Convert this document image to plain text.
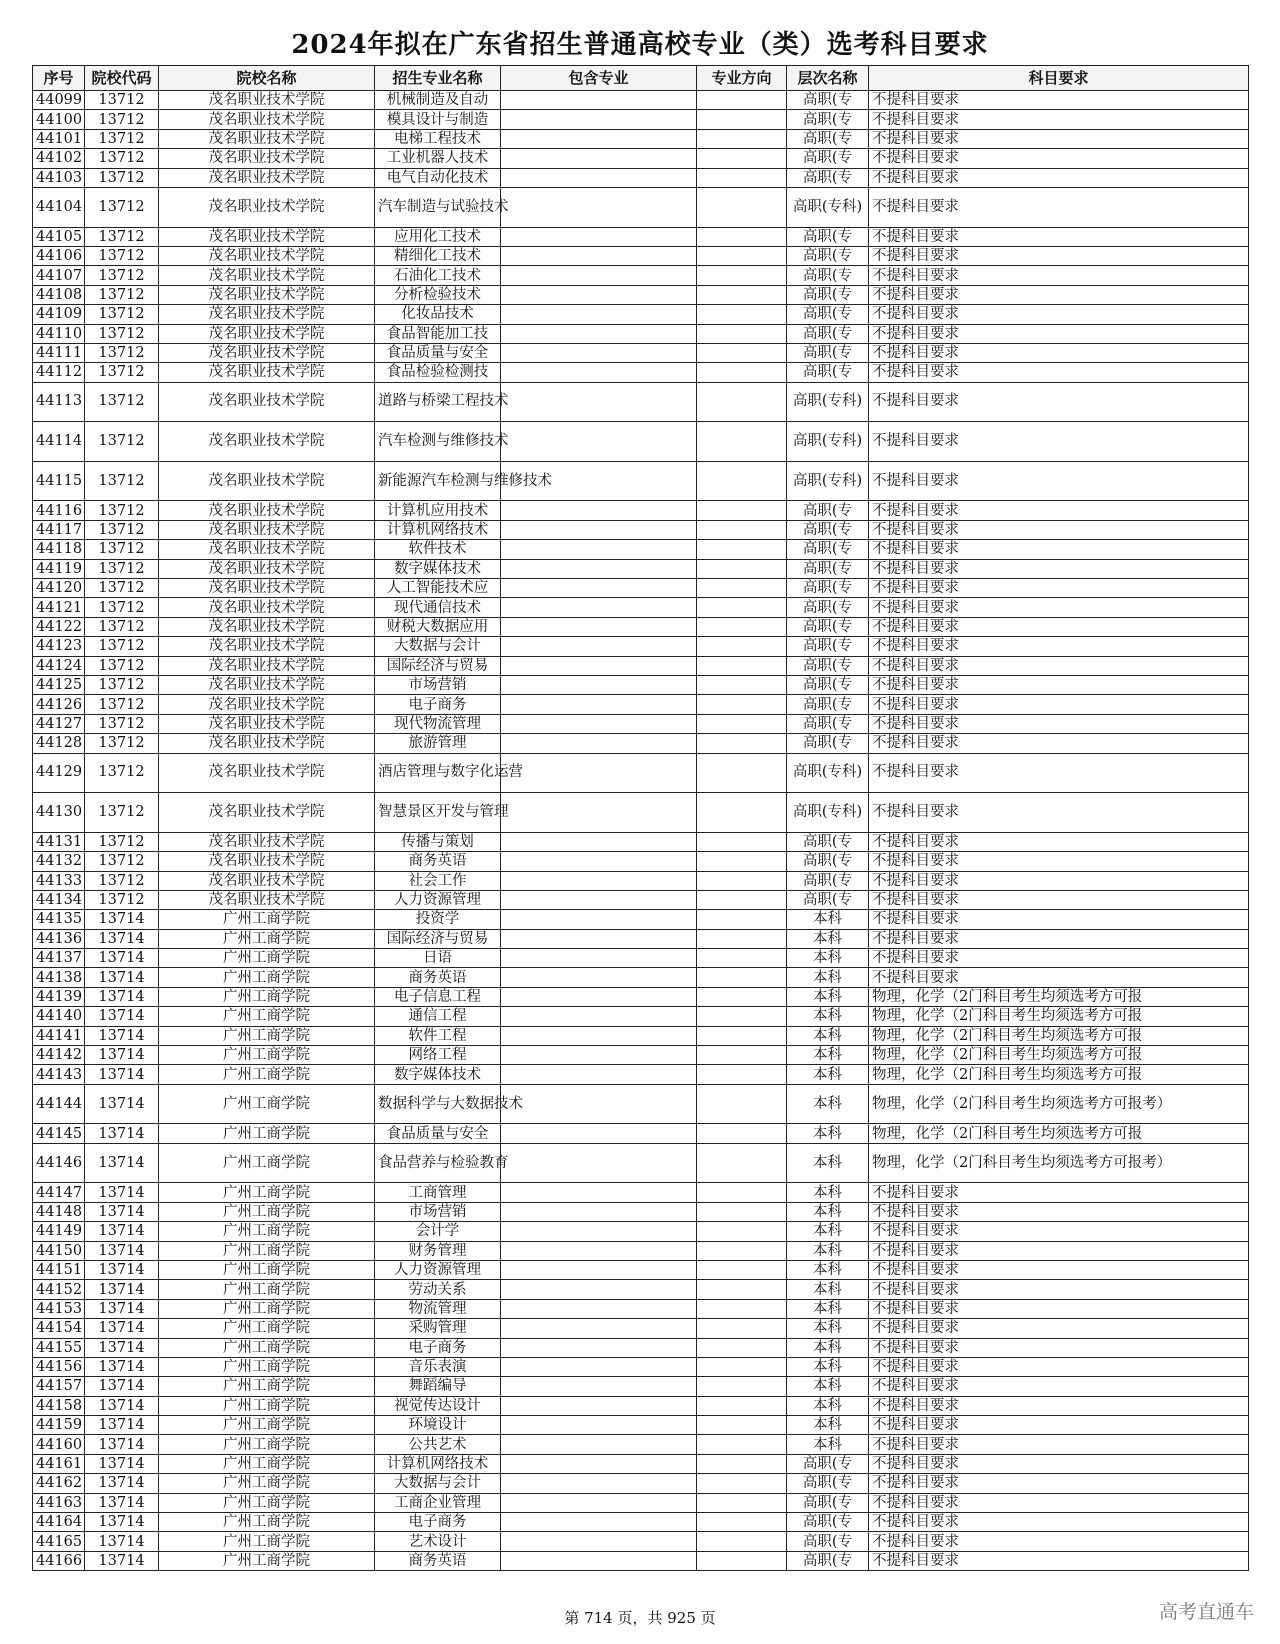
2024年拟在广东省招生普通高校专业（类）选考科目要求
序号	院校代码	院校名称	招生专业名称	包含专业	专业方向	层次名称	科目要求
44099	13712	茂名职业技术学院	机械制造及自动			高职(专	不提科目要求
44100	13712	茂名职业技术学院	模具设计与制造			高职(专	不提科目要求
44101	13712	茂名职业技术学院	电梯工程技术			高职(专	不提科目要求
44102	13712	茂名职业技术学院	工业机器人技术			高职(专	不提科目要求
44103	13712	茂名职业技术学院	电气自动化技术			高职(专	不提科目要求
44104	13712	茂名职业技术学院	汽车制造与试验技术			高职(专科)	不提科目要求
44105	13712	茂名职业技术学院	应用化工技术			高职(专	不提科目要求
44106	13712	茂名职业技术学院	精细化工技术			高职(专	不提科目要求
44107	13712	茂名职业技术学院	石油化工技术			高职(专	不提科目要求
44108	13712	茂名职业技术学院	分析检验技术			高职(专	不提科目要求
44109	13712	茂名职业技术学院	化妆品技术			高职(专	不提科目要求
44110	13712	茂名职业技术学院	食品智能加工技			高职(专	不提科目要求
44111	13712	茂名职业技术学院	食品质量与安全			高职(专	不提科目要求
44112	13712	茂名职业技术学院	食品检验检测技			高职(专	不提科目要求
44113	13712	茂名职业技术学院	道路与桥梁工程技术			高职(专科)	不提科目要求
44114	13712	茂名职业技术学院	汽车检测与维修技术			高职(专科)	不提科目要求
44115	13712	茂名职业技术学院	新能源汽车检测与维修技术			高职(专科)	不提科目要求
44116	13712	茂名职业技术学院	计算机应用技术			高职(专	不提科目要求
44117	13712	茂名职业技术学院	计算机网络技术			高职(专	不提科目要求
44118	13712	茂名职业技术学院	软件技术			高职(专	不提科目要求
44119	13712	茂名职业技术学院	数字媒体技术			高职(专	不提科目要求
44120	13712	茂名职业技术学院	人工智能技术应			高职(专	不提科目要求
44121	13712	茂名职业技术学院	现代通信技术			高职(专	不提科目要求
44122	13712	茂名职业技术学院	财税大数据应用			高职(专	不提科目要求
44123	13712	茂名职业技术学院	大数据与会计			高职(专	不提科目要求
44124	13712	茂名职业技术学院	国际经济与贸易			高职(专	不提科目要求
44125	13712	茂名职业技术学院	市场营销			高职(专	不提科目要求
44126	13712	茂名职业技术学院	电子商务			高职(专	不提科目要求
44127	13712	茂名职业技术学院	现代物流管理			高职(专	不提科目要求
44128	13712	茂名职业技术学院	旅游管理			高职(专	不提科目要求
44129	13712	茂名职业技术学院	酒店管理与数字化运营			高职(专科)	不提科目要求
44130	13712	茂名职业技术学院	智慧景区开发与管理			高职(专科)	不提科目要求
44131	13712	茂名职业技术学院	传播与策划			高职(专	不提科目要求
44132	13712	茂名职业技术学院	商务英语			高职(专	不提科目要求
44133	13712	茂名职业技术学院	社会工作			高职(专	不提科目要求
44134	13712	茂名职业技术学院	人力资源管理			高职(专	不提科目要求
44135	13714	广州工商学院	投资学			本科	不提科目要求
44136	13714	广州工商学院	国际经济与贸易			本科	不提科目要求
44137	13714	广州工商学院	日语			本科	不提科目要求
44138	13714	广州工商学院	商务英语			本科	不提科目要求
44139	13714	广州工商学院	电子信息工程			本科	物理，化学（2门科目考生均须选考方可报
44140	13714	广州工商学院	通信工程			本科	物理，化学（2门科目考生均须选考方可报
44141	13714	广州工商学院	软件工程			本科	物理，化学（2门科目考生均须选考方可报
44142	13714	广州工商学院	网络工程			本科	物理，化学（2门科目考生均须选考方可报
44143	13714	广州工商学院	数字媒体技术			本科	物理，化学（2门科目考生均须选考方可报
44144	13714	广州工商学院	数据科学与大数据技术			本科	物理，化学（2门科目考生均须选考方可报考）
44145	13714	广州工商学院	食品质量与安全			本科	物理，化学（2门科目考生均须选考方可报
44146	13714	广州工商学院	食品营养与检验教育			本科	物理，化学（2门科目考生均须选考方可报考）
44147	13714	广州工商学院	工商管理			本科	不提科目要求
44148	13714	广州工商学院	市场营销			本科	不提科目要求
44149	13714	广州工商学院	会计学			本科	不提科目要求
44150	13714	广州工商学院	财务管理			本科	不提科目要求
44151	13714	广州工商学院	人力资源管理			本科	不提科目要求
44152	13714	广州工商学院	劳动关系			本科	不提科目要求
44153	13714	广州工商学院	物流管理			本科	不提科目要求
44154	13714	广州工商学院	采购管理			本科	不提科目要求
44155	13714	广州工商学院	电子商务			本科	不提科目要求
44156	13714	广州工商学院	音乐表演			本科	不提科目要求
44157	13714	广州工商学院	舞蹈编导			本科	不提科目要求
44158	13714	广州工商学院	视觉传达设计			本科	不提科目要求
44159	13714	广州工商学院	环境设计			本科	不提科目要求
44160	13714	广州工商学院	公共艺术			本科	不提科目要求
44161	13714	广州工商学院	计算机网络技术			高职(专	不提科目要求
44162	13714	广州工商学院	大数据与会计			高职(专	不提科目要求
44163	13714	广州工商学院	工商企业管理			高职(专	不提科目要求
44164	13714	广州工商学院	电子商务			高职(专	不提科目要求
44165	13714	广州工商学院	艺术设计			高职(专	不提科目要求
44166	13714	广州工商学院	商务英语			高职(专	不提科目要求
第 714 页，共 925 页	高考直通车
